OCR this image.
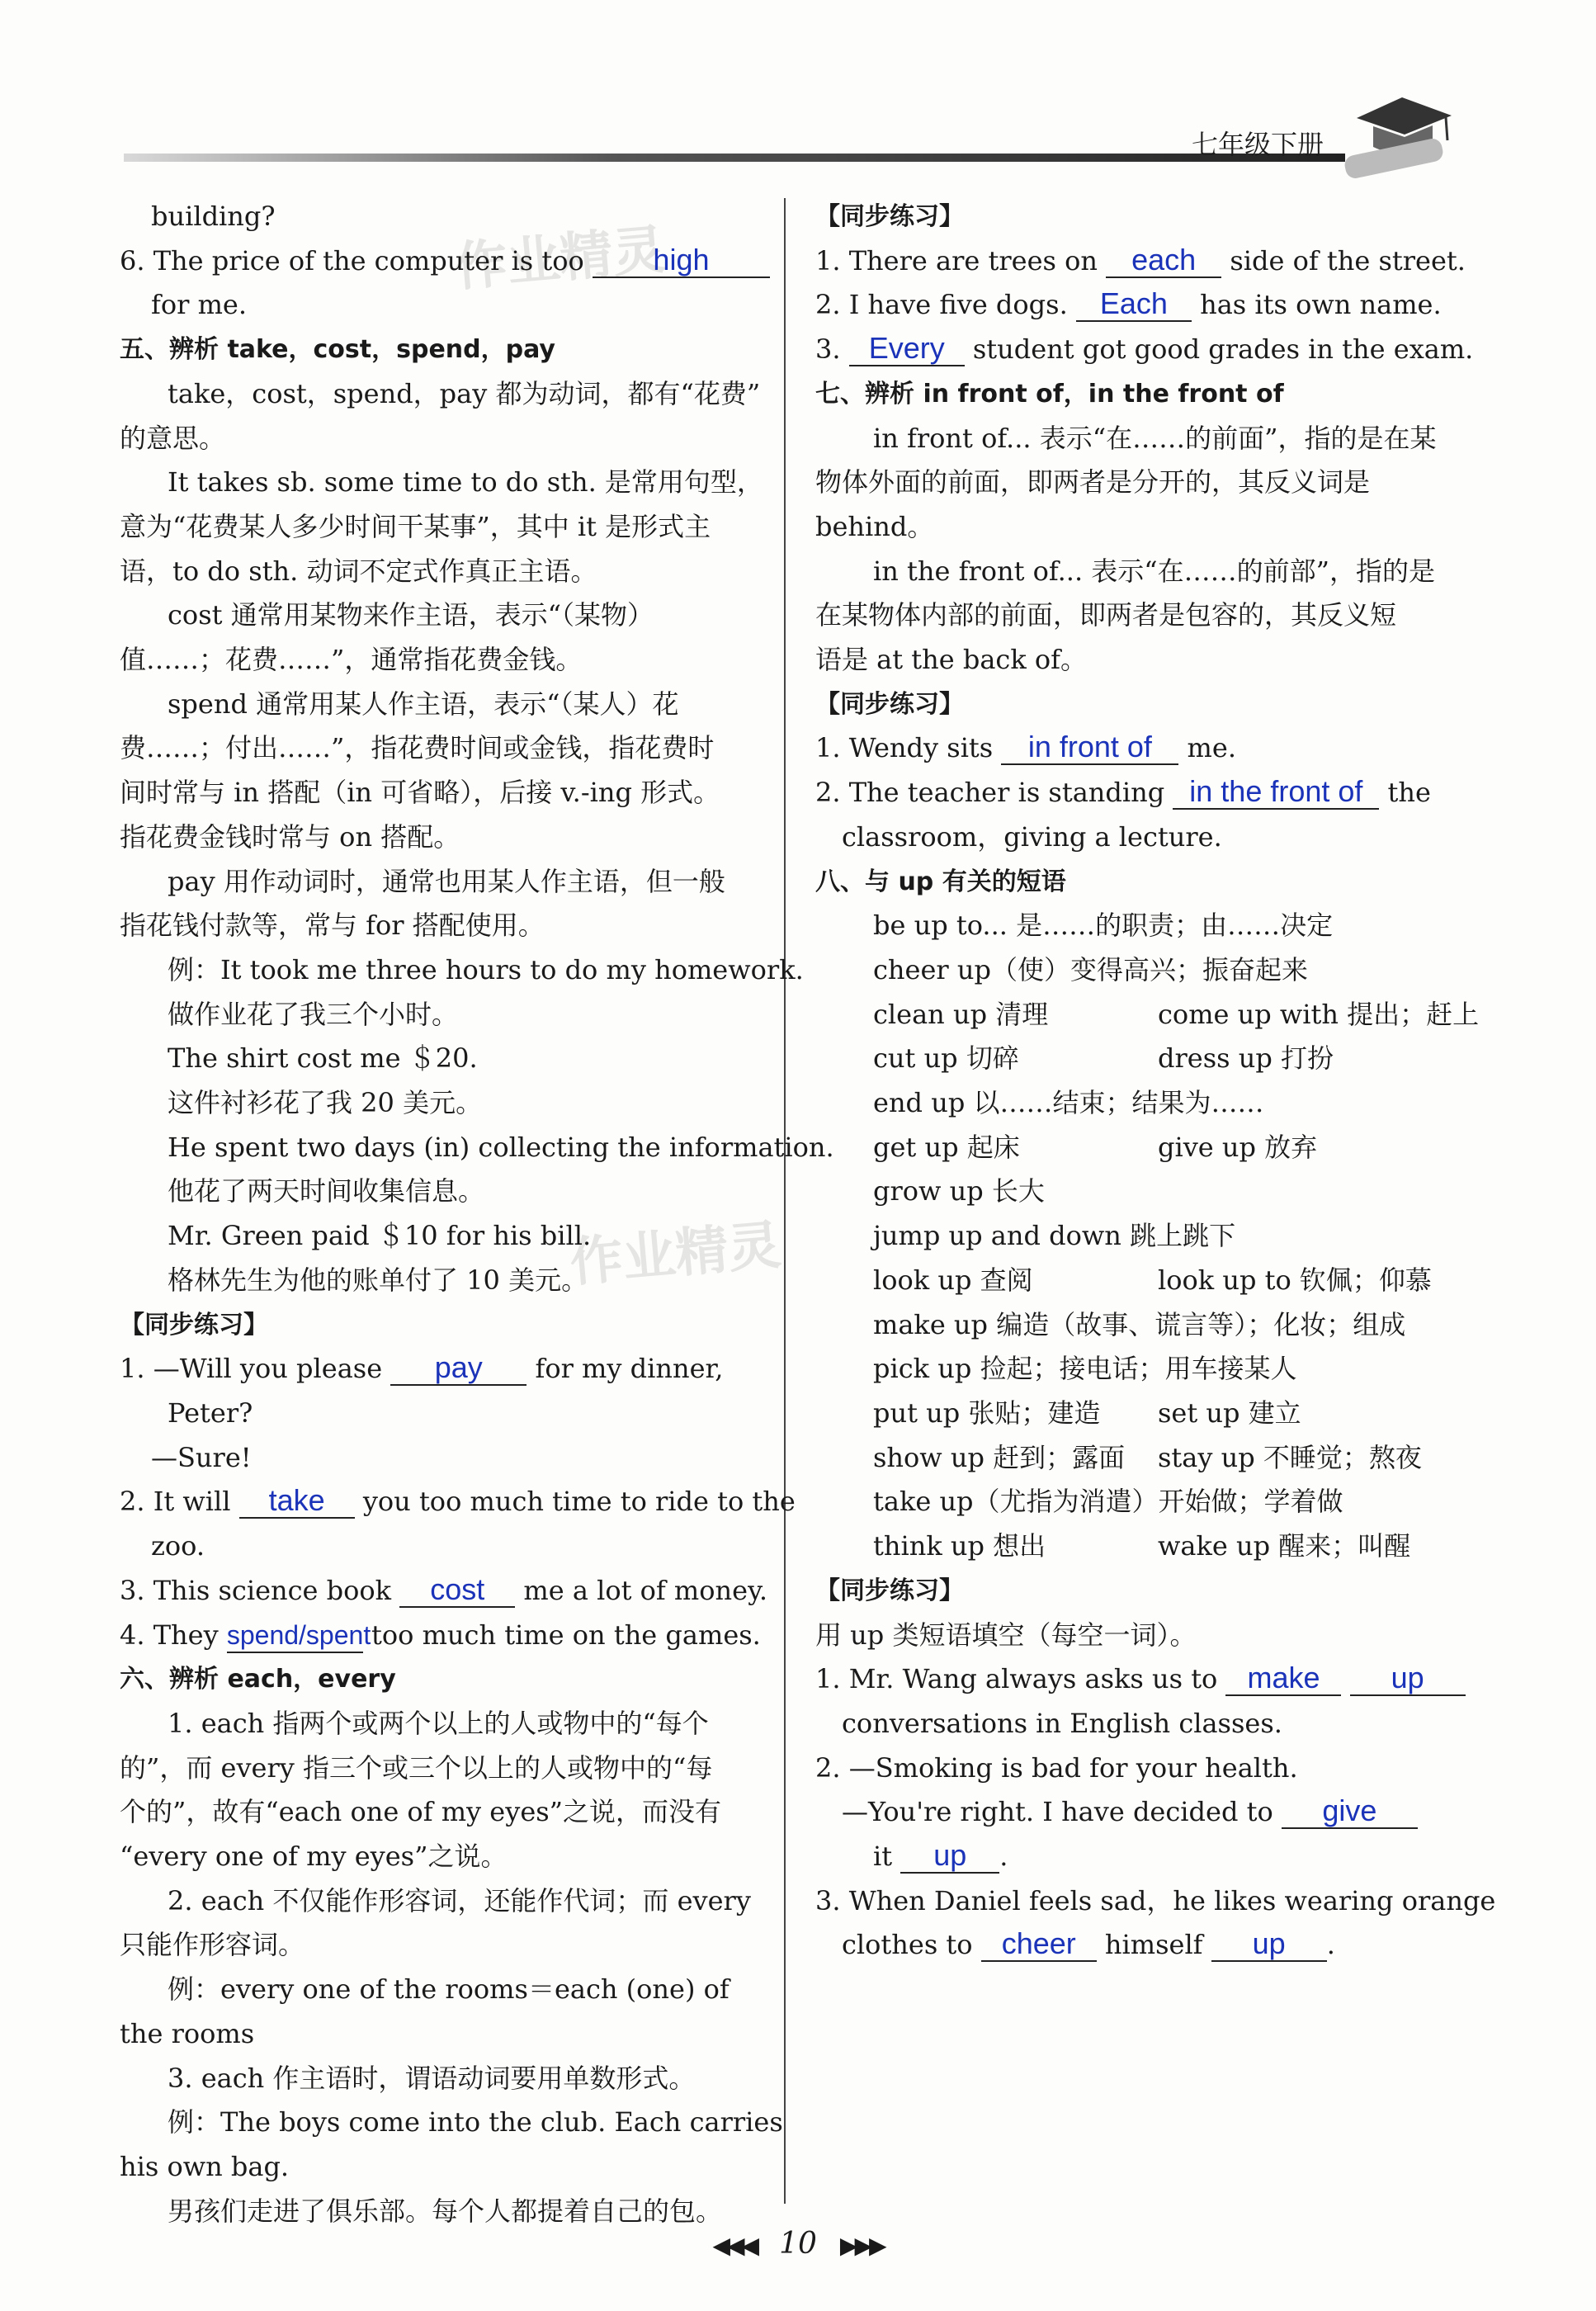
七年级下册
作业精灵
作业精灵
building?
6. The price of the computer is too high
for me.
五、辨析 take，cost，spend，pay
take，cost，spend，pay 都为动词，都有“花费”
的意思。
It takes sb. some time to do sth. 是常用句型，
意为“花费某人多少时间干某事”，其中 it 是形式主
语，to do sth. 动词不定式作真正主语。
cost 通常用某物来作主语，表示“（某物）
值……；花费……”，通常指花费金钱。
spend 通常用某人作主语，表示“（某人）花
费……；付出……”，指花费时间或金钱，指花费时
间时常与 in 搭配（in 可省略），后接 v.-ing 形式。
指花费金钱时常与 on 搭配。
pay 用作动词时，通常也用某人作主语，但一般
指花钱付款等，常与 for 搭配使用。
例：It took me three hours to do my homework.
做作业花了我三个小时。
The shirt cost me ＄20.
这件衬衫花了我 20 美元。
He spent two days (in) collecting the information.
他花了两天时间收集信息。
Mr. Green paid ＄10 for his bill.
格林先生为他的账单付了 10 美元。
【同步练习】
1. —Will you please pay for my dinner,
Peter?
—Sure!
2. It will take you too much time to ride to the
zoo.
3. This science book cost me a lot of money.
4. They spend/spent too much time on the games.
六、辨析 each，every
1. each 指两个或两个以上的人或物中的“每个
的”，而 every 指三个或三个以上的人或物中的“每
个的”，故有“each one of my eyes”之说，而没有
“every one of my eyes”之说。
2. each 不仅能作形容词，还能作代词；而 every
只能作形容词。
例：every one of the rooms＝each (one) of
the rooms
3. each 作主语时，谓语动词要用单数形式。
例：The boys come into the club. Each carries
his own bag.
男孩们走进了俱乐部。每个人都提着自己的包。
【同步练习】
1. There are trees on each side of the street.
2. I have five dogs. Each has its own name.
3. Every student got good grades in the exam.
七、辨析 in front of，in the front of
in front of... 表示“在……的前面”，指的是在某
物体外面的前面，即两者是分开的，其反义词是
behind。
in the front of... 表示“在……的前部”，指的是
在某物体内部的前面，即两者是包容的，其反义短
语是 at the back of。
【同步练习】
1. Wendy sits in front of me.
2. The teacher is standing in the front of the
classroom，giving a lecture.
八、与 up 有关的短语
be up to... 是……的职责；由……决定
cheer up（使）变得高兴；振奋起来
clean up 清理	come up with 提出；赶上
cut up 切碎	dress up 打扮
end up 以……结束；结果为……
get up 起床	give up 放弃
grow up 长大
jump up and down 跳上跳下
look up 查阅	look up to 钦佩；仰慕
make up 编造（故事、谎言等）；化妆；组成
pick up 捡起；接电话；用车接某人
put up 张贴；建造 set up 建立
show up 赶到；露面 stay up 不睡觉；熬夜
take up（尤指为消遣）开始做；学着做
think up 想出	wake up 醒来；叫醒
【同步练习】
用 up 类短语填空（每空一词）。
1. Mr. Wang always asks us to make up
conversations in English classes.
2. —Smoking is bad for your health.
—You're right. I have decided to give
it up .
3. When Daniel feels sad，he likes wearing orange
clothes to cheer himself up .
◀◀◀ 10 ▶▶▶
